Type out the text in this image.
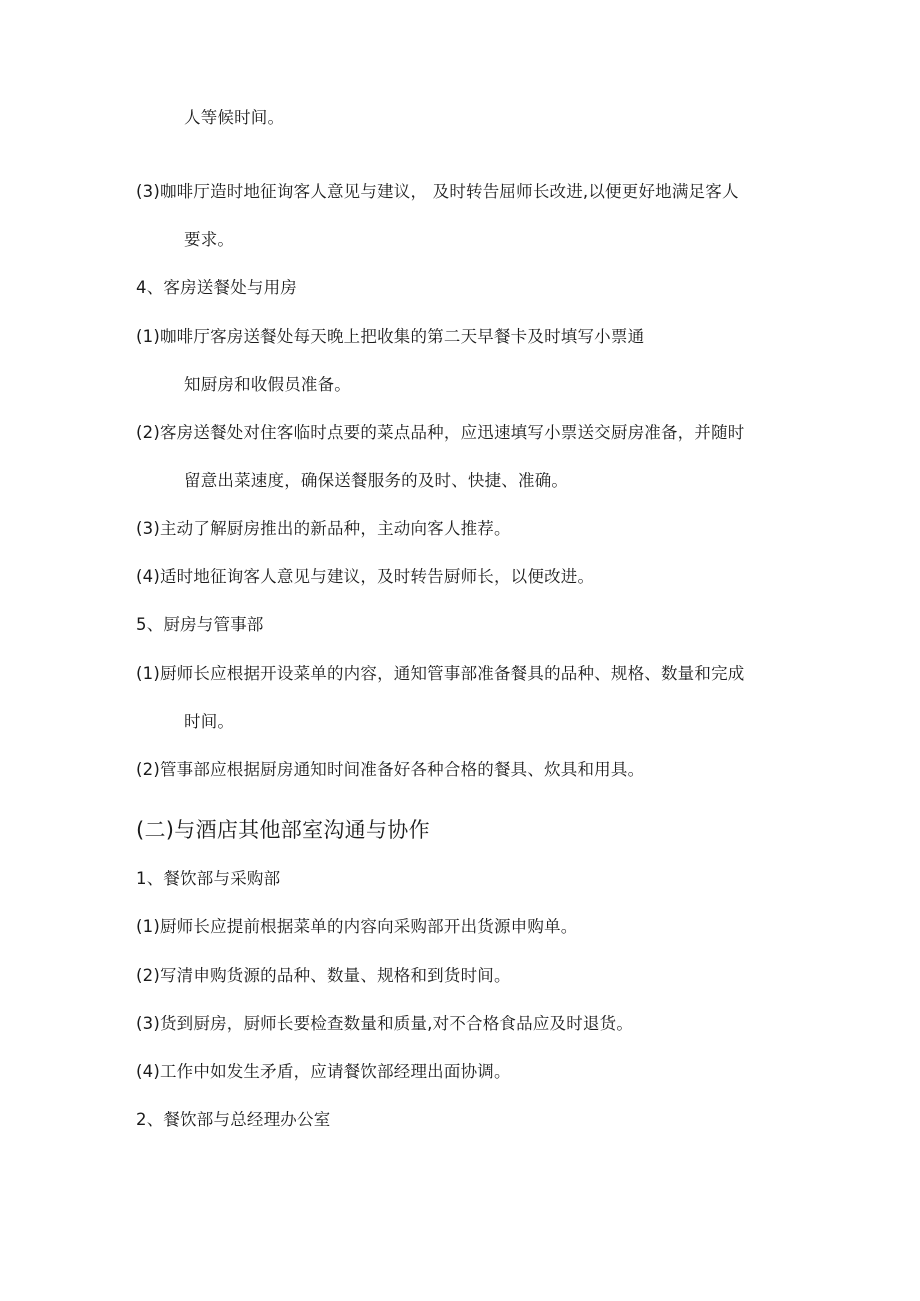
人等候时间。
(3)咖啡厅造时地征询客人意见与建议， 及时转告屈师长改进,以便更好地满足客人
要求。
4、客房送餐处与用房
(1)咖啡厅客房送餐处每天晚上把收集的第二天早餐卡及时填写小票通
知厨房和收假员准备。
(2)客房送餐处对住客临时点要的菜点品种，应迅速填写小票送交厨房准备，并随时
留意出菜速度，确保送餐服务的及时、快捷、准确。
(3)主动了解厨房推出的新品种，主动向客人推荐。
(4)适时地征询客人意见与建议，及时转告厨师长，以便改进。
5、厨房与管事部
(1)厨师长应根据开设菜单的内容，通知管事部准备餐具的品种、规格、数量和完成
时间。
(2)管事部应根据厨房通知时间准备好各种合格的餐具、炊具和用具。
(二)与酒店其他部室沟通与协作
1、餐饮部与采购部
(1)厨师长应提前根据菜单的内容向采购部开出货源申购单。
(2)写清申购货源的品种、数量、规格和到货时间。
(3)货到厨房，厨师长要检查数量和质量,对不合格食品应及时退货。
(4)工作中如发生矛盾，应请餐饮部经理出面协调。
2、餐饮部与总经理办公室
